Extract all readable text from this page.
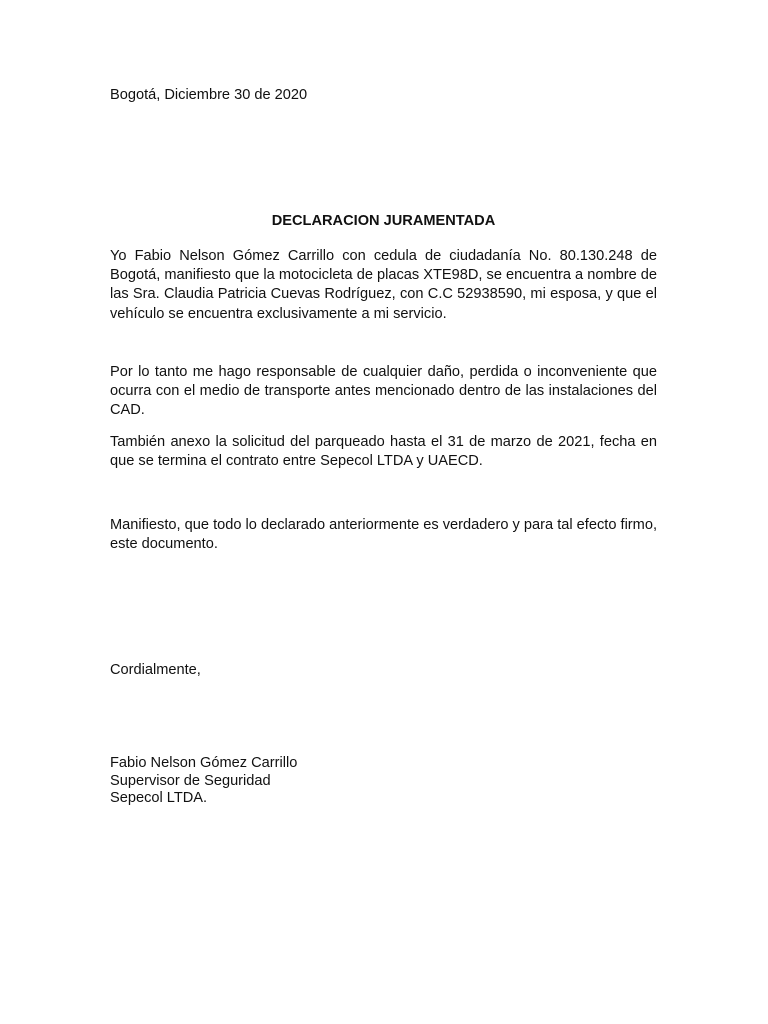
Bogotá, Diciembre 30 de 2020

DECLARACION JURAMENTADA

Yo Fabio Nelson Gómez Carrillo con cedula de ciudadanía No. 80.130.248 de Bogotá, manifiesto que la motocicleta de placas XTE98D, se encuentra a nombre de las Sra. Claudia Patricia Cuevas Rodríguez, con C.C 52938590, mi esposa, y que el vehículo se encuentra exclusivamente a mi servicio.

Por lo tanto me hago responsable de cualquier daño, perdida o inconveniente que ocurra con el medio de transporte antes mencionado dentro de las instalaciones del CAD.

También anexo la solicitud del parqueado hasta el 31 de marzo de 2021, fecha en que se termina el contrato entre Sepecol LTDA y UAECD.

Manifiesto, que todo lo declarado anteriormente es verdadero y para tal efecto firmo, este documento.

Cordialmente,

Fabio Nelson Gómez Carrillo
Supervisor de Seguridad
Sepecol LTDA.
